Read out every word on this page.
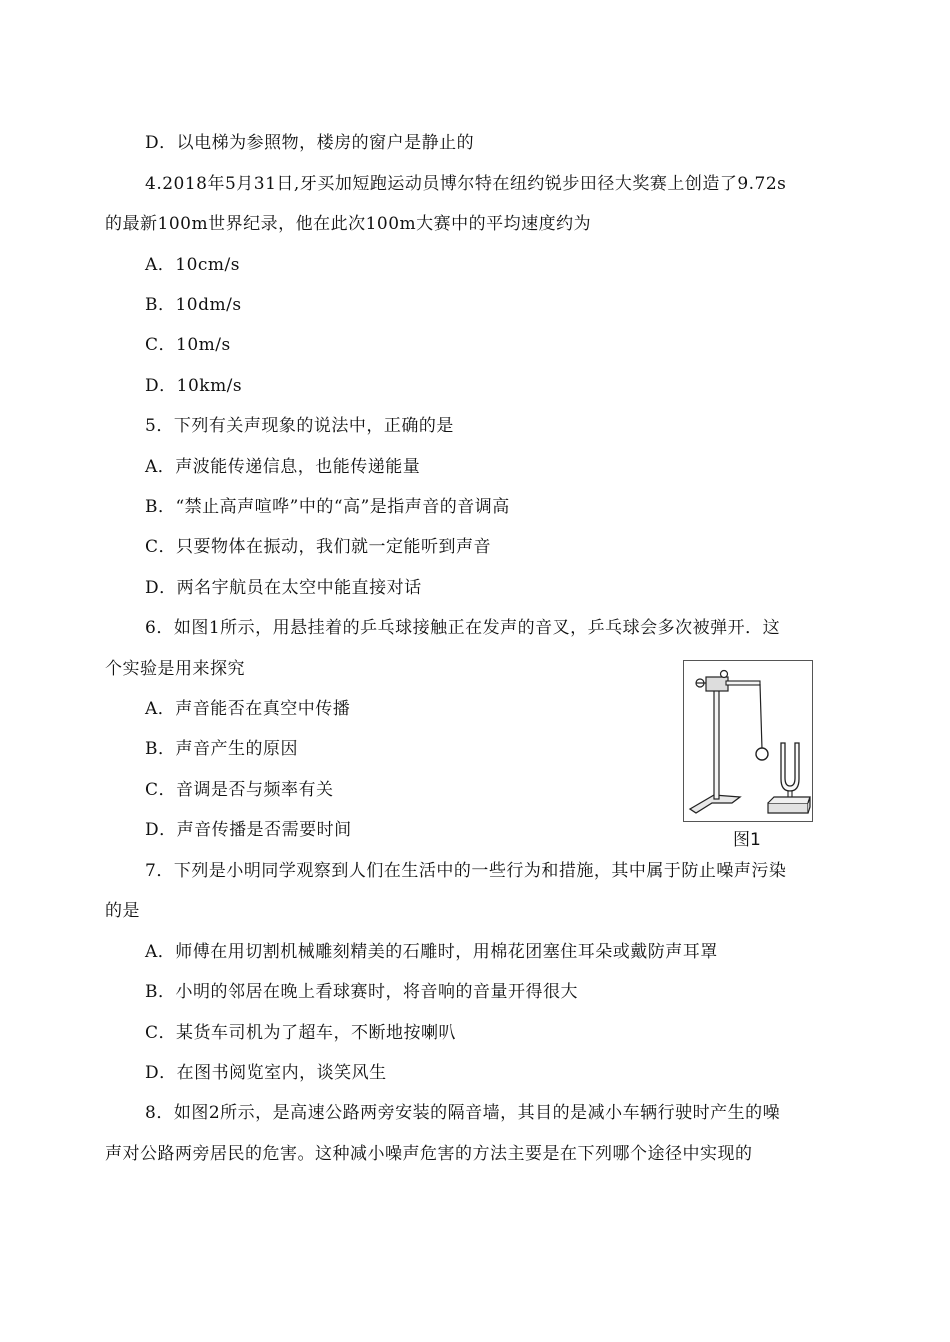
D．以电梯为参照物，楼房的窗户是静止的
4.2018年5月31日,牙买加短跑运动员博尔特在纽约锐步田径大奖赛上创造了9.72s
的最新100m世界纪录，他在此次100m大赛中的平均速度约为
A．10cm/s
B．10dm/s
C．10m/s
D．10km/s
5．下列有关声现象的说法中，正确的是
A．声波能传递信息，也能传递能量
B．“禁止高声喧哗”中的“高”是指声音的音调高
C．只要物体在振动，我们就一定能听到声音
D．两名宇航员在太空中能直接对话
6．如图1所示，用悬挂着的乒乓球接触正在发声的音叉，乒乓球会多次被弹开．这
个实验是用来探究
A．声音能否在真空中传播
B．声音产生的原因
C．音调是否与频率有关
D．声音传播是否需要时间	图1
7．下列是小明同学观察到人们在生活中的一些行为和措施，其中属于防止噪声污染
的是
A．师傅在用切割机械雕刻精美的石雕时，用棉花团塞住耳朵或戴防声耳罩
B．小明的邻居在晚上看球赛时，将音响的音量开得很大
C．某货车司机为了超车，不断地按喇叭
D．在图书阅览室内，谈笑风生
8．如图2所示，是高速公路两旁安装的隔音墙，其目的是减小车辆行驶时产生的噪
声对公路两旁居民的危害。这种减小噪声危害的方法主要是在下列哪个途径中实现的
